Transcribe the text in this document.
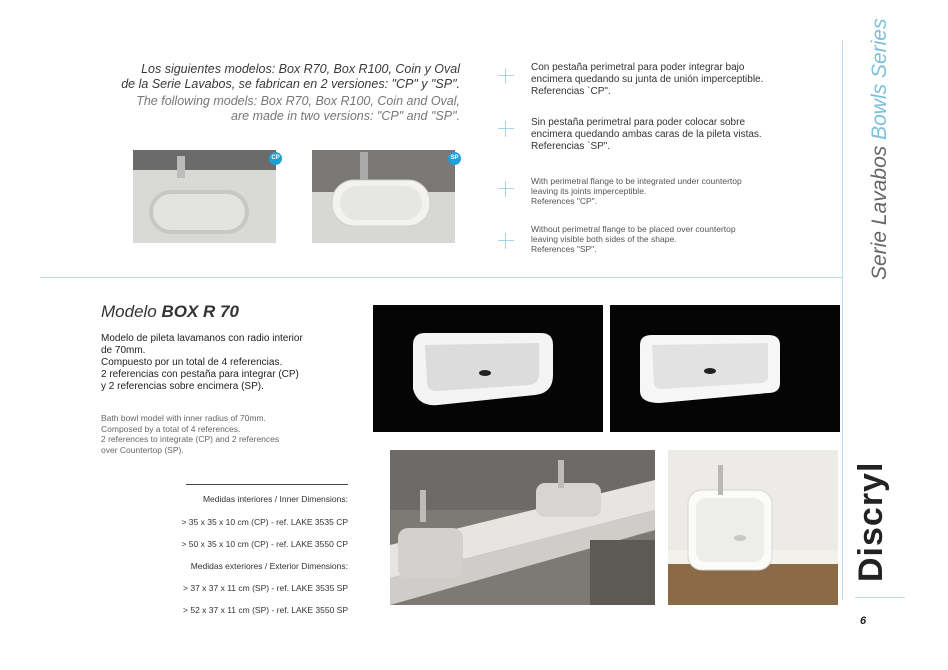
Los siguientes modelos: Box R70, Box R100, Coin y Oval
de la Serie Lavabos, se fabrican en 2 versiones: "CP" y "SP".
The following models: Box R70, Box R100, Coin and Oval,
are made in two versions: "CP" and "SP".
CP	SP
Con pestaña perimetral para poder integrar bajo
encimera quedando su junta de unión imperceptible.
Referencias `CP".
Sin pestaña perimetral para poder colocar sobre
encimera quedando ambas caras de la pileta vistas.
Referencias `SP".
With perimetral flange to be integrated under countertop
leaving its joints imperceptible.
References "CP".
Without perimetral flange to be placed over countertop
leaving visible both sides of the shape.
References "SP".	Serie Lavabos Bowls Series
Modelo BOX R 70
Modelo de pileta lavamanos con radio interior
de 70mm.
Compuesto por un total de 4 referencias.
2 referencias con pestaña para integrar (CP)
y 2 referencias sobre encimera (SP).
Bath bowl model with inner radius of 70mm.
Composed by a total of 4 references.
2 references to integrate (CP) and 2 references
over Countertop (SP).
Medidas interiores / Inner Dimensions:
> 35 x 35 x 10 cm (CP) - ref. LAKE 3535 CP
> 50 x 35 x 10 cm (CP) - ref. LAKE 3550 CP
Medidas exteriores / Exterior Dimensions:
> 37 x 37 x 11 cm (SP) - ref. LAKE 3535 SP
> 52 x 37 x 11 cm (SP) - ref. LAKE 3550 SP
Discryl
6
